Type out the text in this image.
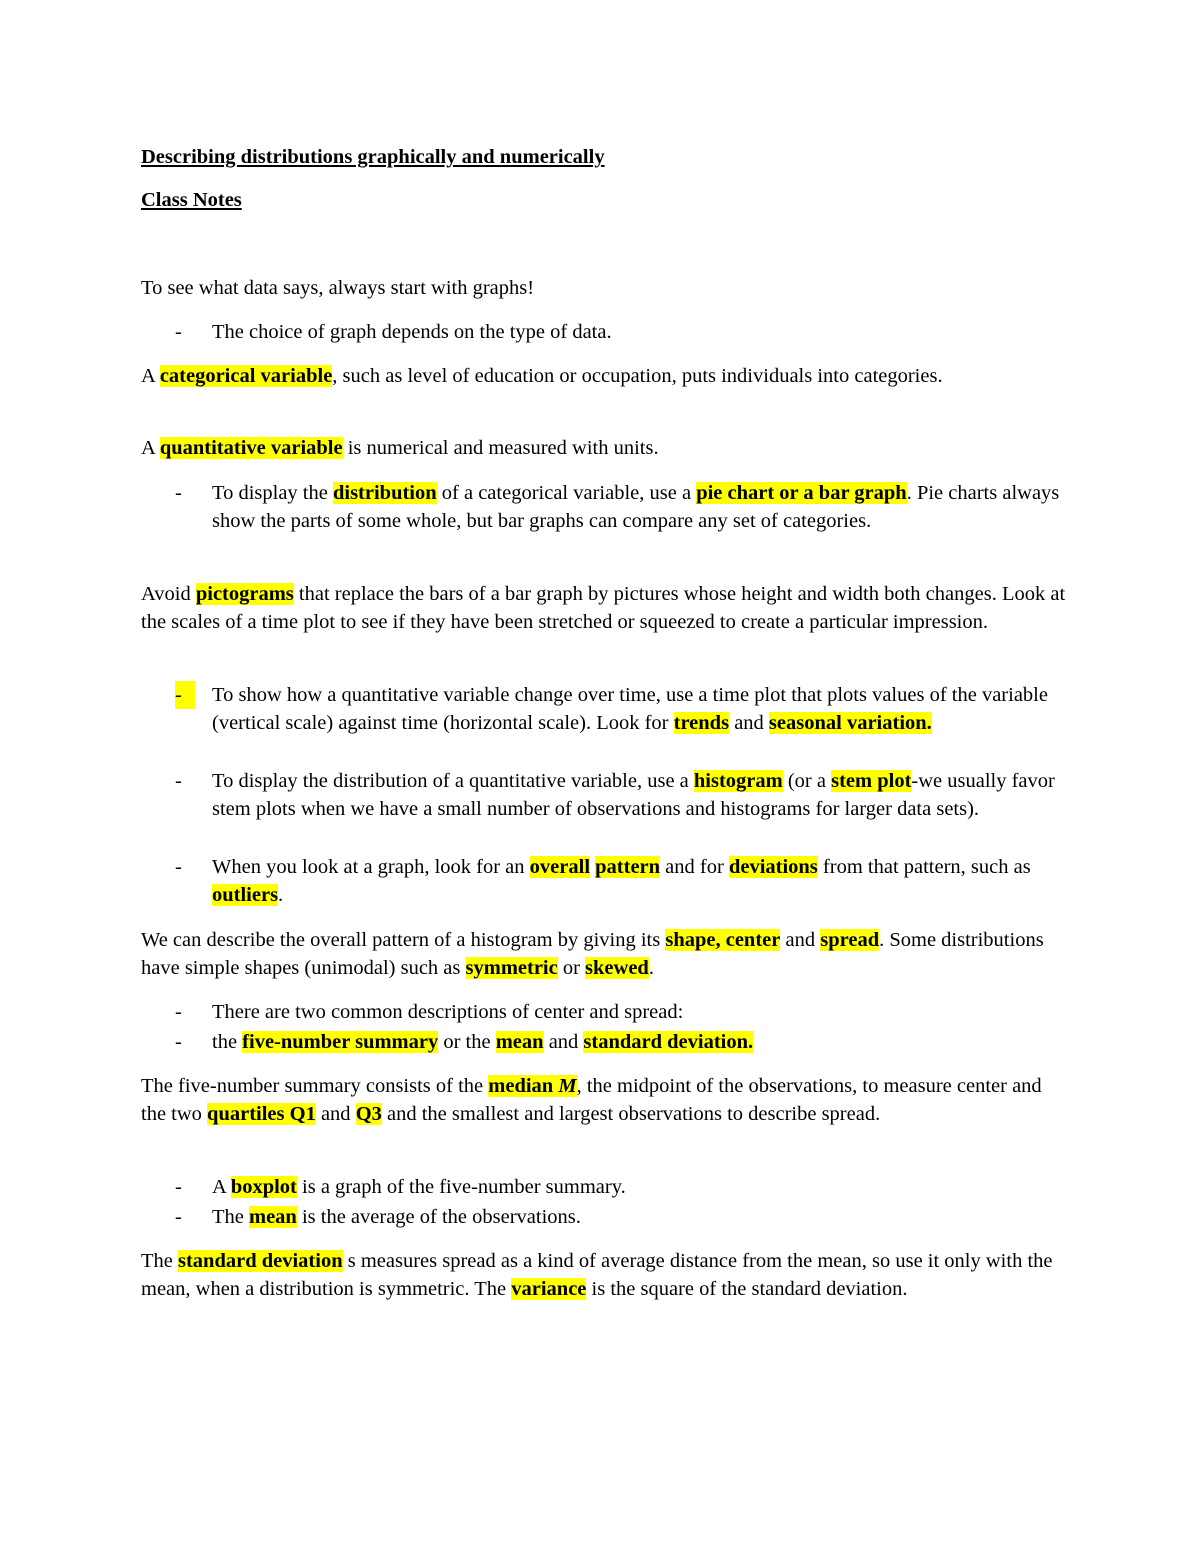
Describing distributions graphically and numerically
Class Notes

To see what data says, always start with graphs!

-	The choice of graph depends on the type of data.

A categorical variable, such as level of education or occupation, puts individuals into categories.

A quantitative variable is numerical and measured with units.

-	To display the distribution of a categorical variable, use a pie chart or a bar graph. Pie charts always show the parts of some whole, but bar graphs can compare any set of categories.

Avoid pictograms that replace the bars of a bar graph by pictures whose height and width both changes. Look at the scales of a time plot to see if they have been stretched or squeezed to create a particular impression.

-	To show how a quantitative variable change over time, use a time plot that plots values of the variable (vertical scale) against time (horizontal scale). Look for trends and seasonal variation.
-	To display the distribution of a quantitative variable, use a histogram (or a stem plot-we usually favor stem plots when we have a small number of observations and histograms for larger data sets).
-	When you look at a graph, look for an overall pattern and for deviations from that pattern, such as outliers.

We can describe the overall pattern of a histogram by giving its shape, center and spread. Some distributions have simple shapes (unimodal) such as symmetric or skewed.

-	There are two common descriptions of center and spread:
-	the five-number summary or the mean and standard deviation.

The five-number summary consists of the median M, the midpoint of the observations, to measure center and the two quartiles Q1 and Q3 and the smallest and largest observations to describe spread.

-	A boxplot is a graph of the five-number summary.
-	The mean is the average of the observations.

The standard deviation s measures spread as a kind of average distance from the mean, so use it only with the mean, when a distribution is symmetric. The variance is the square of the standard deviation.
